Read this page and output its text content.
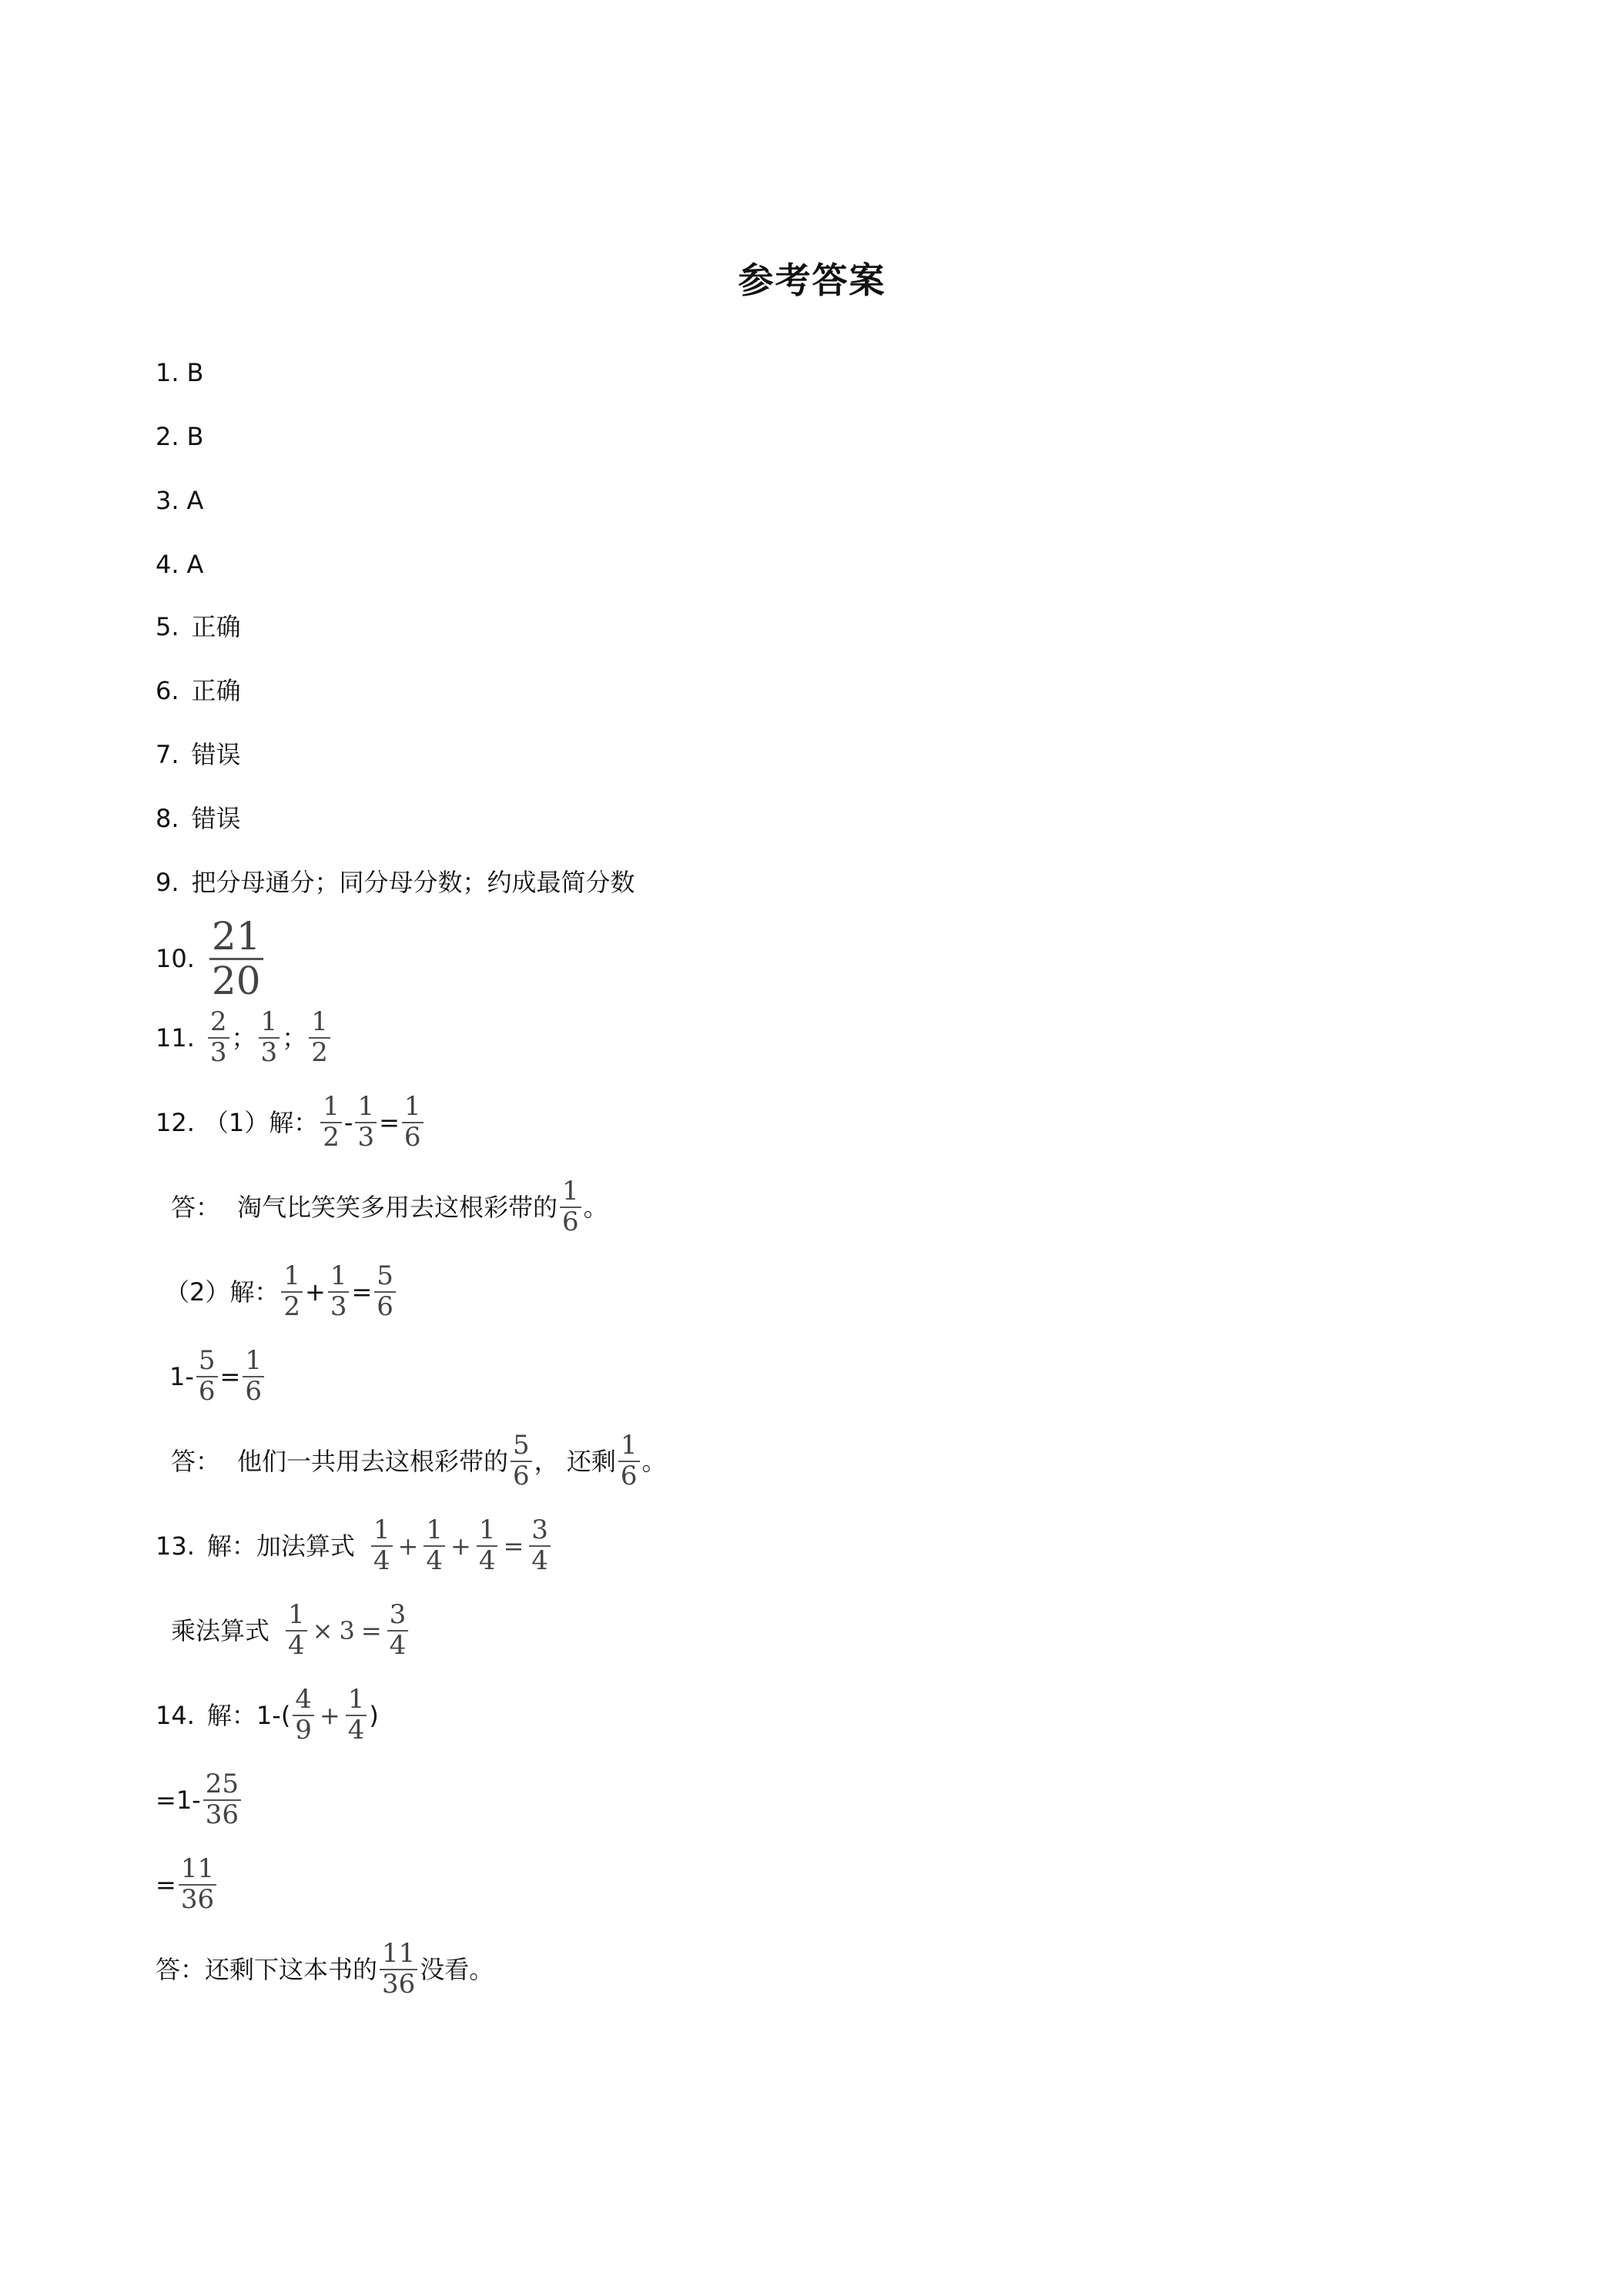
参考答案
1. B
2. B
3. A
4. A
5. 正确
6. 正确
7. 错误
8. 错误
9. 把分母通分；同分母分数；约成最简分数
10. $\frac{21}{20}$
11. $\frac{2}{3}$ ； $\frac{1}{3}$ ； $\frac{1}{2}$
12. （1）解： $\frac{1}{2} - \frac{1}{3} = \frac{1}{6}$
答： 淘气比笑笑多用去这根彩带的 $\frac{1}{6}$ 。
（2）解： $\frac{1}{2} + \frac{1}{3} = \frac{5}{6}$
$1- \frac{5}{6} = \frac{1}{6}$
答： 他们一共用去这根彩带的 $\frac{5}{6}$ ， 还剩 $\frac{1}{6}$ 。
13. 解：加法算式 $\frac{1}{4} + \frac{1}{4} + \frac{1}{4} = \frac{3}{4}$
乘法算式 $\frac{1}{4} \times 3 = \frac{3}{4}$
14. 解： $1-( \frac{4}{9} + \frac{1}{4}$ )
$=1- \frac{25}{36}$
= $\frac{11}{36}$
答：还剩下这本书的 $\frac{11}{36}$ 没看。
